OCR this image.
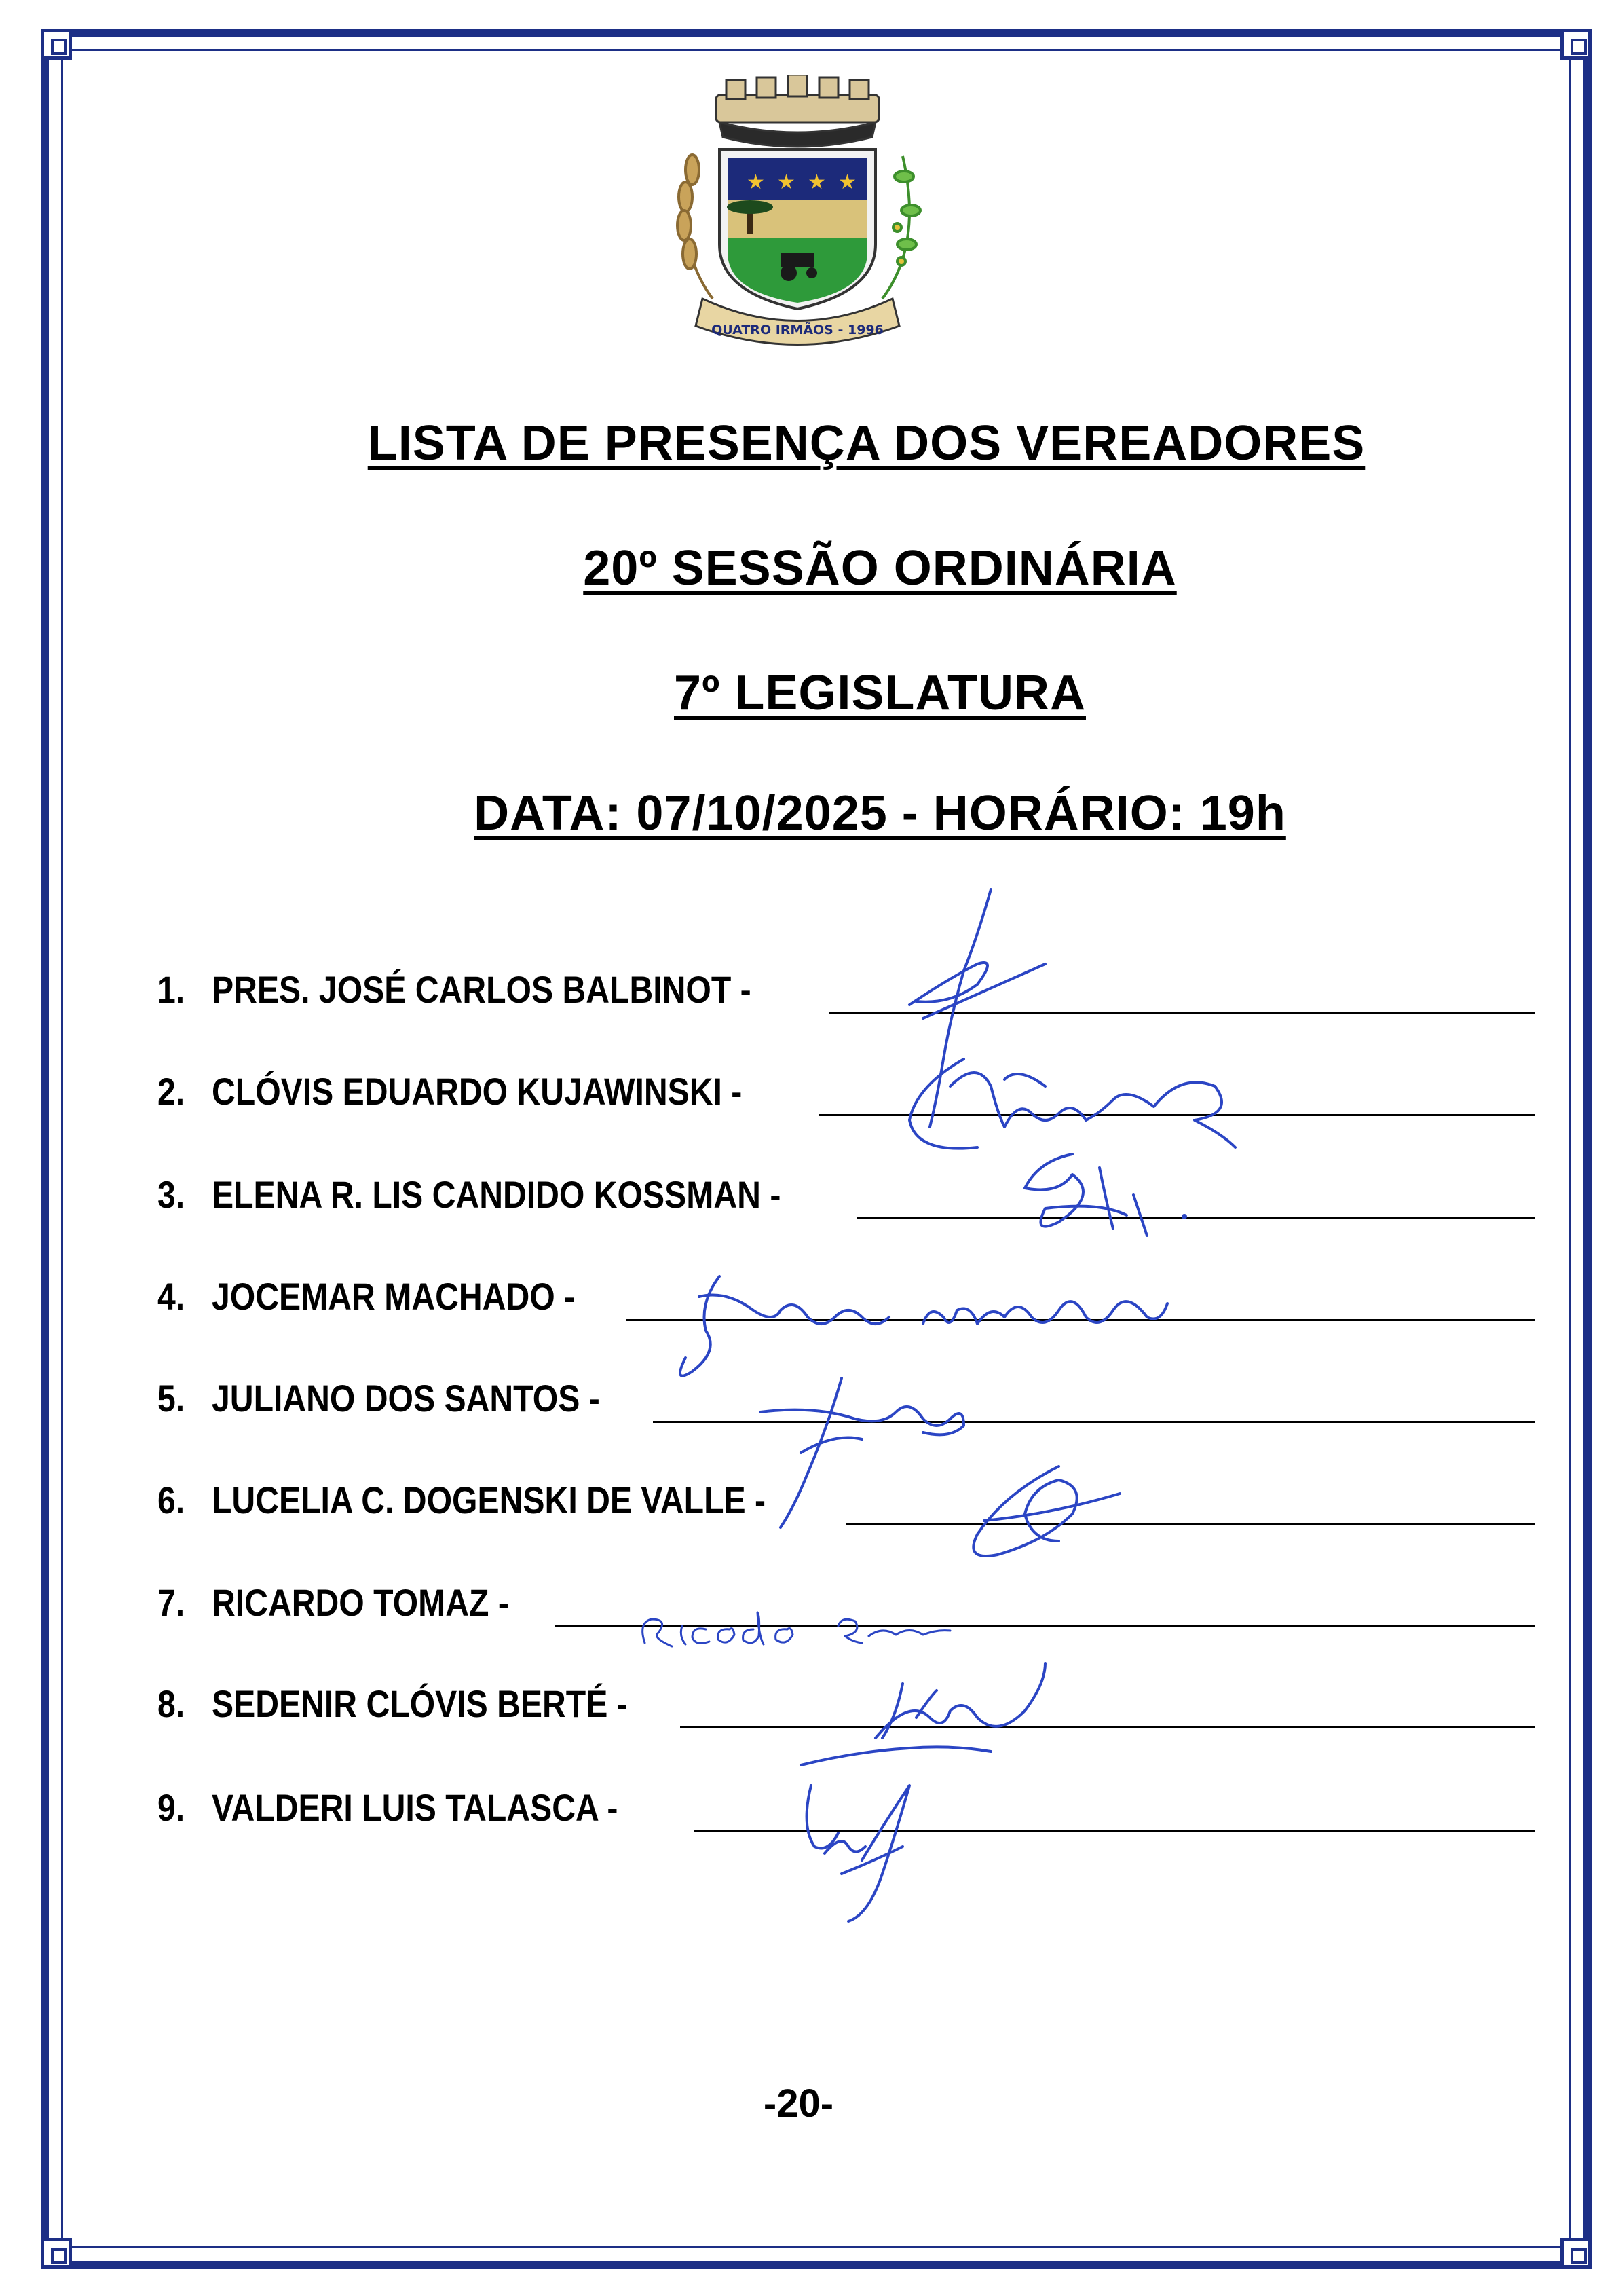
★ ★ ★ ★
QUATRO IRMÃOS - 1996
LISTA DE PRESENÇA DOS VEREADORES
20º SESSÃO ORDINÁRIA
7º LEGISLATURA
DATA: 07/10/2025 - HORÁRIO: 19h
1. PRES. JOSÉ CARLOS BALBINOT -
2. CLÓVIS EDUARDO KUJAWINSKI -
3. ELENA R. LIS CANDIDO KOSSMAN -
4. JOCEMAR MACHADO -
5. JULIANO DOS SANTOS -
6. LUCELIA C. DOGENSKI DE VALLE -
7. RICARDO TOMAZ -
8. SEDENIR CLÓVIS BERTÉ -
9. VALDERI LUIS TALASCA -
-20-
